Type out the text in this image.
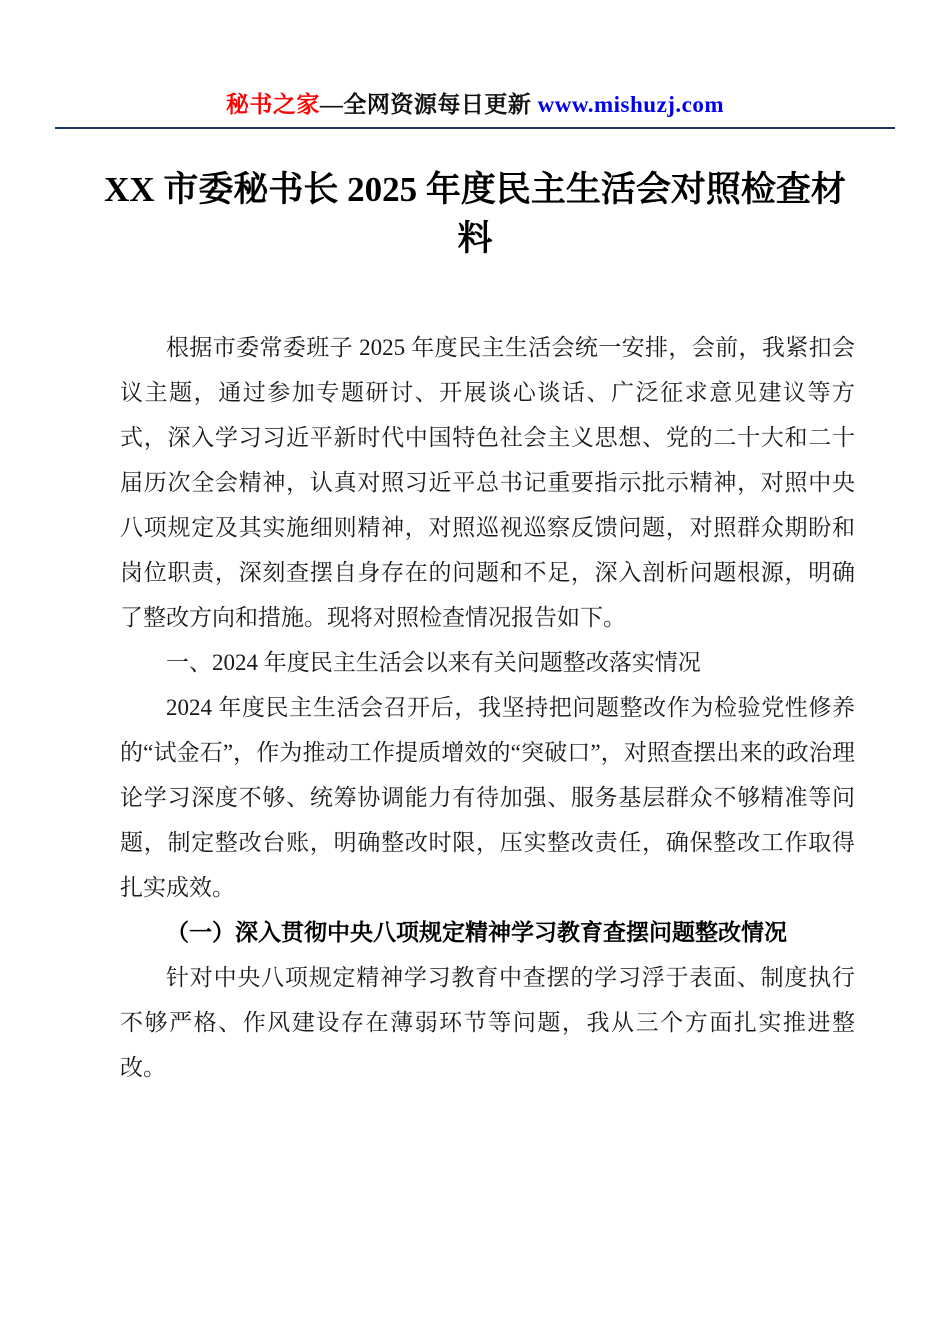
秘书之家—全网资源每日更新 www.mishuzj.com
XX 市委秘书长 2025 年度民主生活会对照检查材料

根据市委常委班子 2025 年度民主生活会统一安排，会前，我紧扣会议主题，通过参加专题研讨、开展谈心谈话、广泛征求意见建议等方式，深入学习习近平新时代中国特色社会主义思想、党的二十大和二十届历次全会精神，认真对照习近平总书记重要指示批示精神，对照中央八项规定及其实施细则精神，对照巡视巡察反馈问题，对照群众期盼和岗位职责，深刻查摆自身存在的问题和不足，深入剖析问题根源，明确了整改方向和措施。现将对照检查情况报告如下。

一、2024 年度民主生活会以来有关问题整改落实情况

2024 年度民主生活会召开后，我坚持把问题整改作为检验党性修养的“试金石”，作为推动工作提质增效的“突破口”，对照查摆出来的政治理论学习深度不够、统筹协调能力有待加强、服务基层群众不够精准等问题，制定整改台账，明确整改时限，压实整改责任，确保整改工作取得扎实成效。

（一）深入贯彻中央八项规定精神学习教育查摆问题整改情况

针对中央八项规定精神学习教育中查摆的学习浮于表面、制度执行不够严格、作风建设存在薄弱环节等问题，我从三个方面扎实推进整改。
